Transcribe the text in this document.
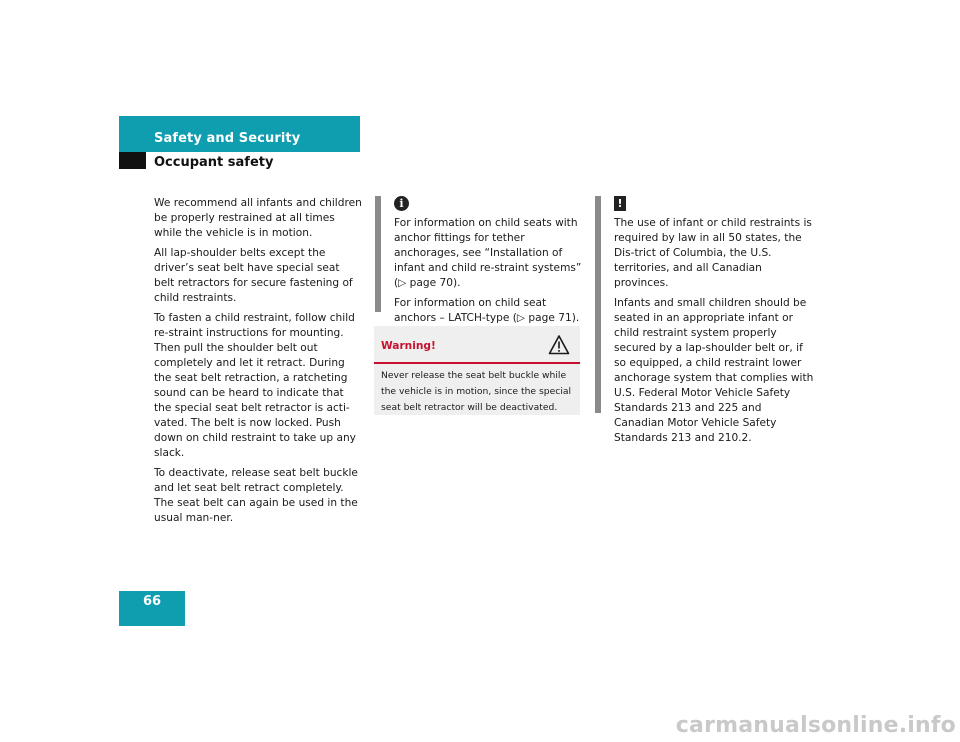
Safety and Security
Occupant safety

We recommend all infants and children be properly restrained at all times while the vehicle is in motion.

All lap-shoulder belts except the driver’s seat belt have special seat belt retractors for secure fastening of child restraints.

To fasten a child restraint, follow child re-straint instructions for mounting. Then pull the shoulder belt out completely and let it retract. During the seat belt retraction, a ratcheting sound can be heard to indicate that the special seat belt retractor is acti-vated. The belt is now locked. Push down on child restraint to take up any slack.

To deactivate, release seat belt buckle and let seat belt retract completely. The seat belt can again be used in the usual man-ner.

i

For information on child seats with anchor fittings for tether anchorages, see “Installation of infant and child re-straint systems” (▷ page 70).

For information on child seat anchors – LATCH-type (▷ page 71).

Warning!
Never release the seat belt buckle while the vehicle is in motion, since the special seat belt retractor will be deactivated.
!

The use of infant or child restraints is required by law in all 50 states, the Dis-trict of Columbia, the U.S. territories, and all Canadian provinces.

Infants and small children should be seated in an appropriate infant or child restraint system properly secured by a lap-shoulder belt or, if so equipped, a child restraint lower anchorage system that complies with U.S. Federal Motor Vehicle Safety Standards 213 and 225 and Canadian Motor Vehicle Safety Standards 213 and 210.2.

66
carmanualsonline.info
